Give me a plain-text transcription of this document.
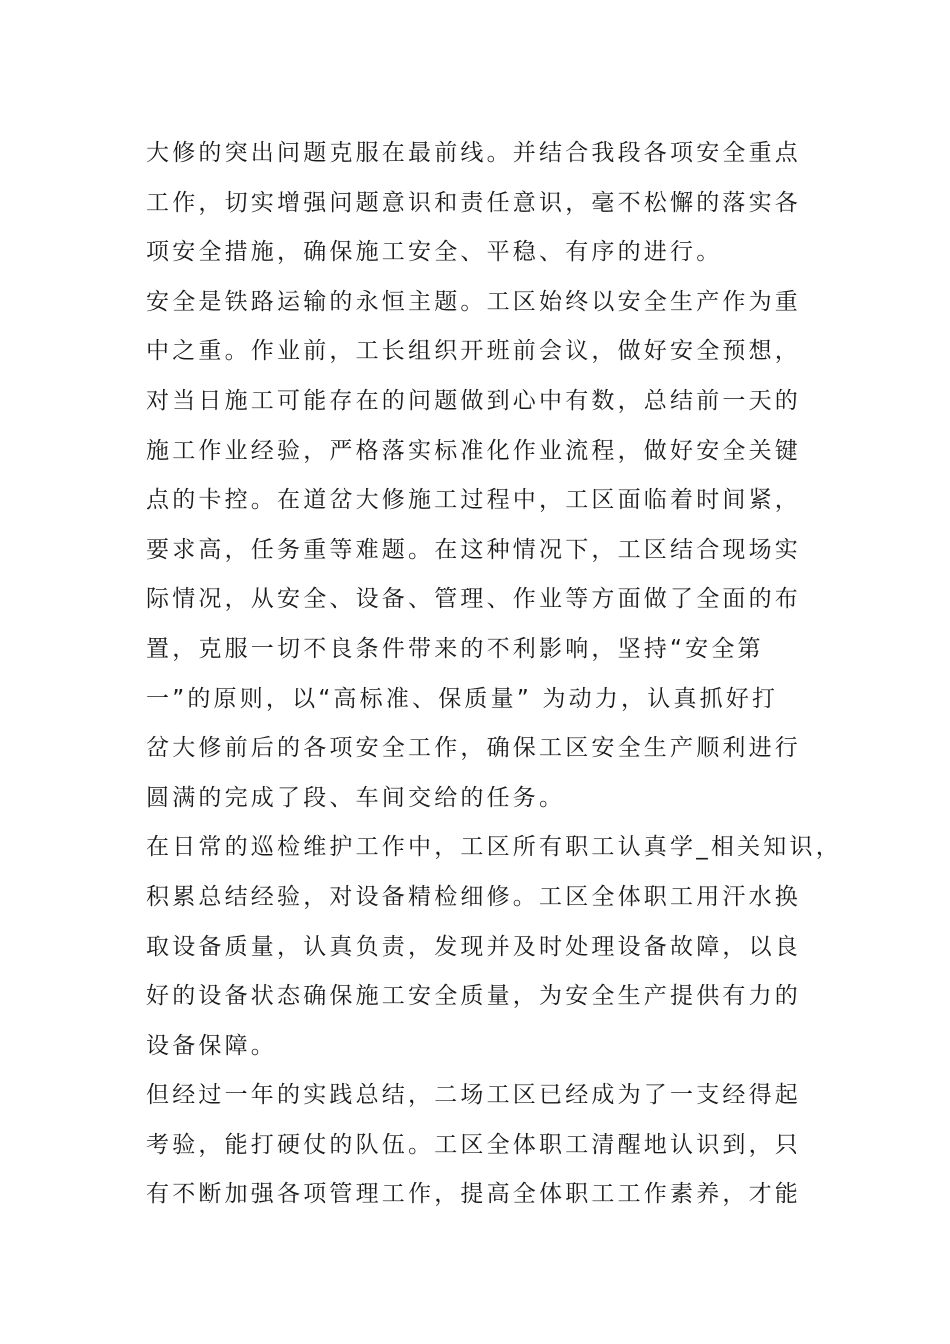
大修的突出问题克服在最前线。并结合我段各项安全重点
工作，切实增强问题意识和责任意识，毫不松懈的落实各
项安全措施，确保施工安全、平稳、有序的进行。
安全是铁路运输的永恒主题。工区始终以安全生产作为重
中之重。作业前，工长组织开班前会议，做好安全预想，
对当日施工可能存在的问题做到心中有数，总结前一天的
施工作业经验，严格落实标准化作业流程，做好安全关键
点的卡控。在道岔大修施工过程中，工区面临着时间紧，
要求高，任务重等难题。在这种情况下，工区结合现场实
际情况，从安全、设备、管理、作业等方面做了全面的布
置，克服一切不良条件带来的不利影响，坚持“安全第
一”的原则，以“高标准、保质量” 为动力，认真抓好打
岔大修前后的各项安全工作，确保工区安全生产顺利进行
圆满的完成了段、车间交给的任务。
在日常的巡检维护工作中，工区所有职工认真学_相关知识，
积累总结经验，对设备精检细修。工区全体职工用汗水换
取设备质量，认真负责，发现并及时处理设备故障，以良
好的设备状态确保施工安全质量，为安全生产提供有力的
设备保障。
但经过一年的实践总结，二场工区已经成为了一支经得起
考验，能打硬仗的队伍。工区全体职工清醒地认识到，只
有不断加强各项管理工作，提高全体职工工作素养，才能
